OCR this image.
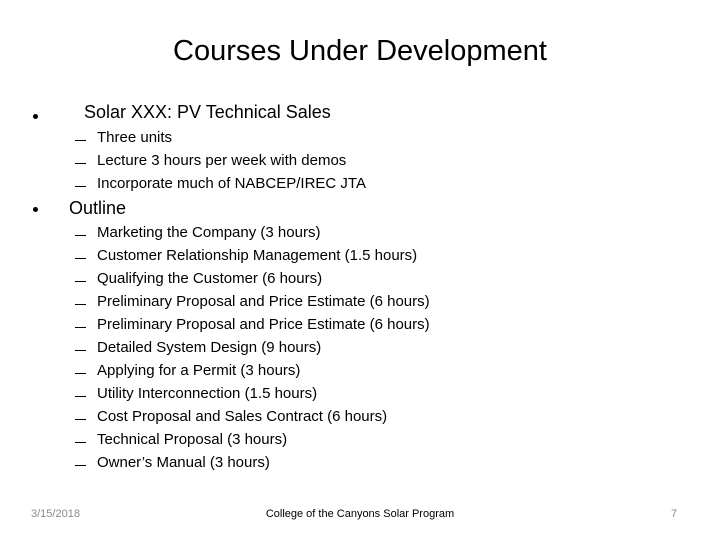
Courses Under Development
Solar XXX: PV Technical Sales
Three units
Lecture 3 hours per week with demos
Incorporate much of NABCEP/IREC JTA
Outline
Marketing the Company (3 hours)
Customer Relationship Management (1.5 hours)
Qualifying the Customer (6 hours)
Preliminary Proposal and Price Estimate (6 hours)
Preliminary Proposal and Price Estimate (6 hours)
Detailed System Design (9 hours)
Applying for a Permit (3 hours)
Utility Interconnection (1.5 hours)
Cost Proposal and Sales Contract (6 hours)
Technical Proposal (3 hours)
Owner’s Manual (3 hours)
3/15/2018	College of the Canyons Solar Program	7
